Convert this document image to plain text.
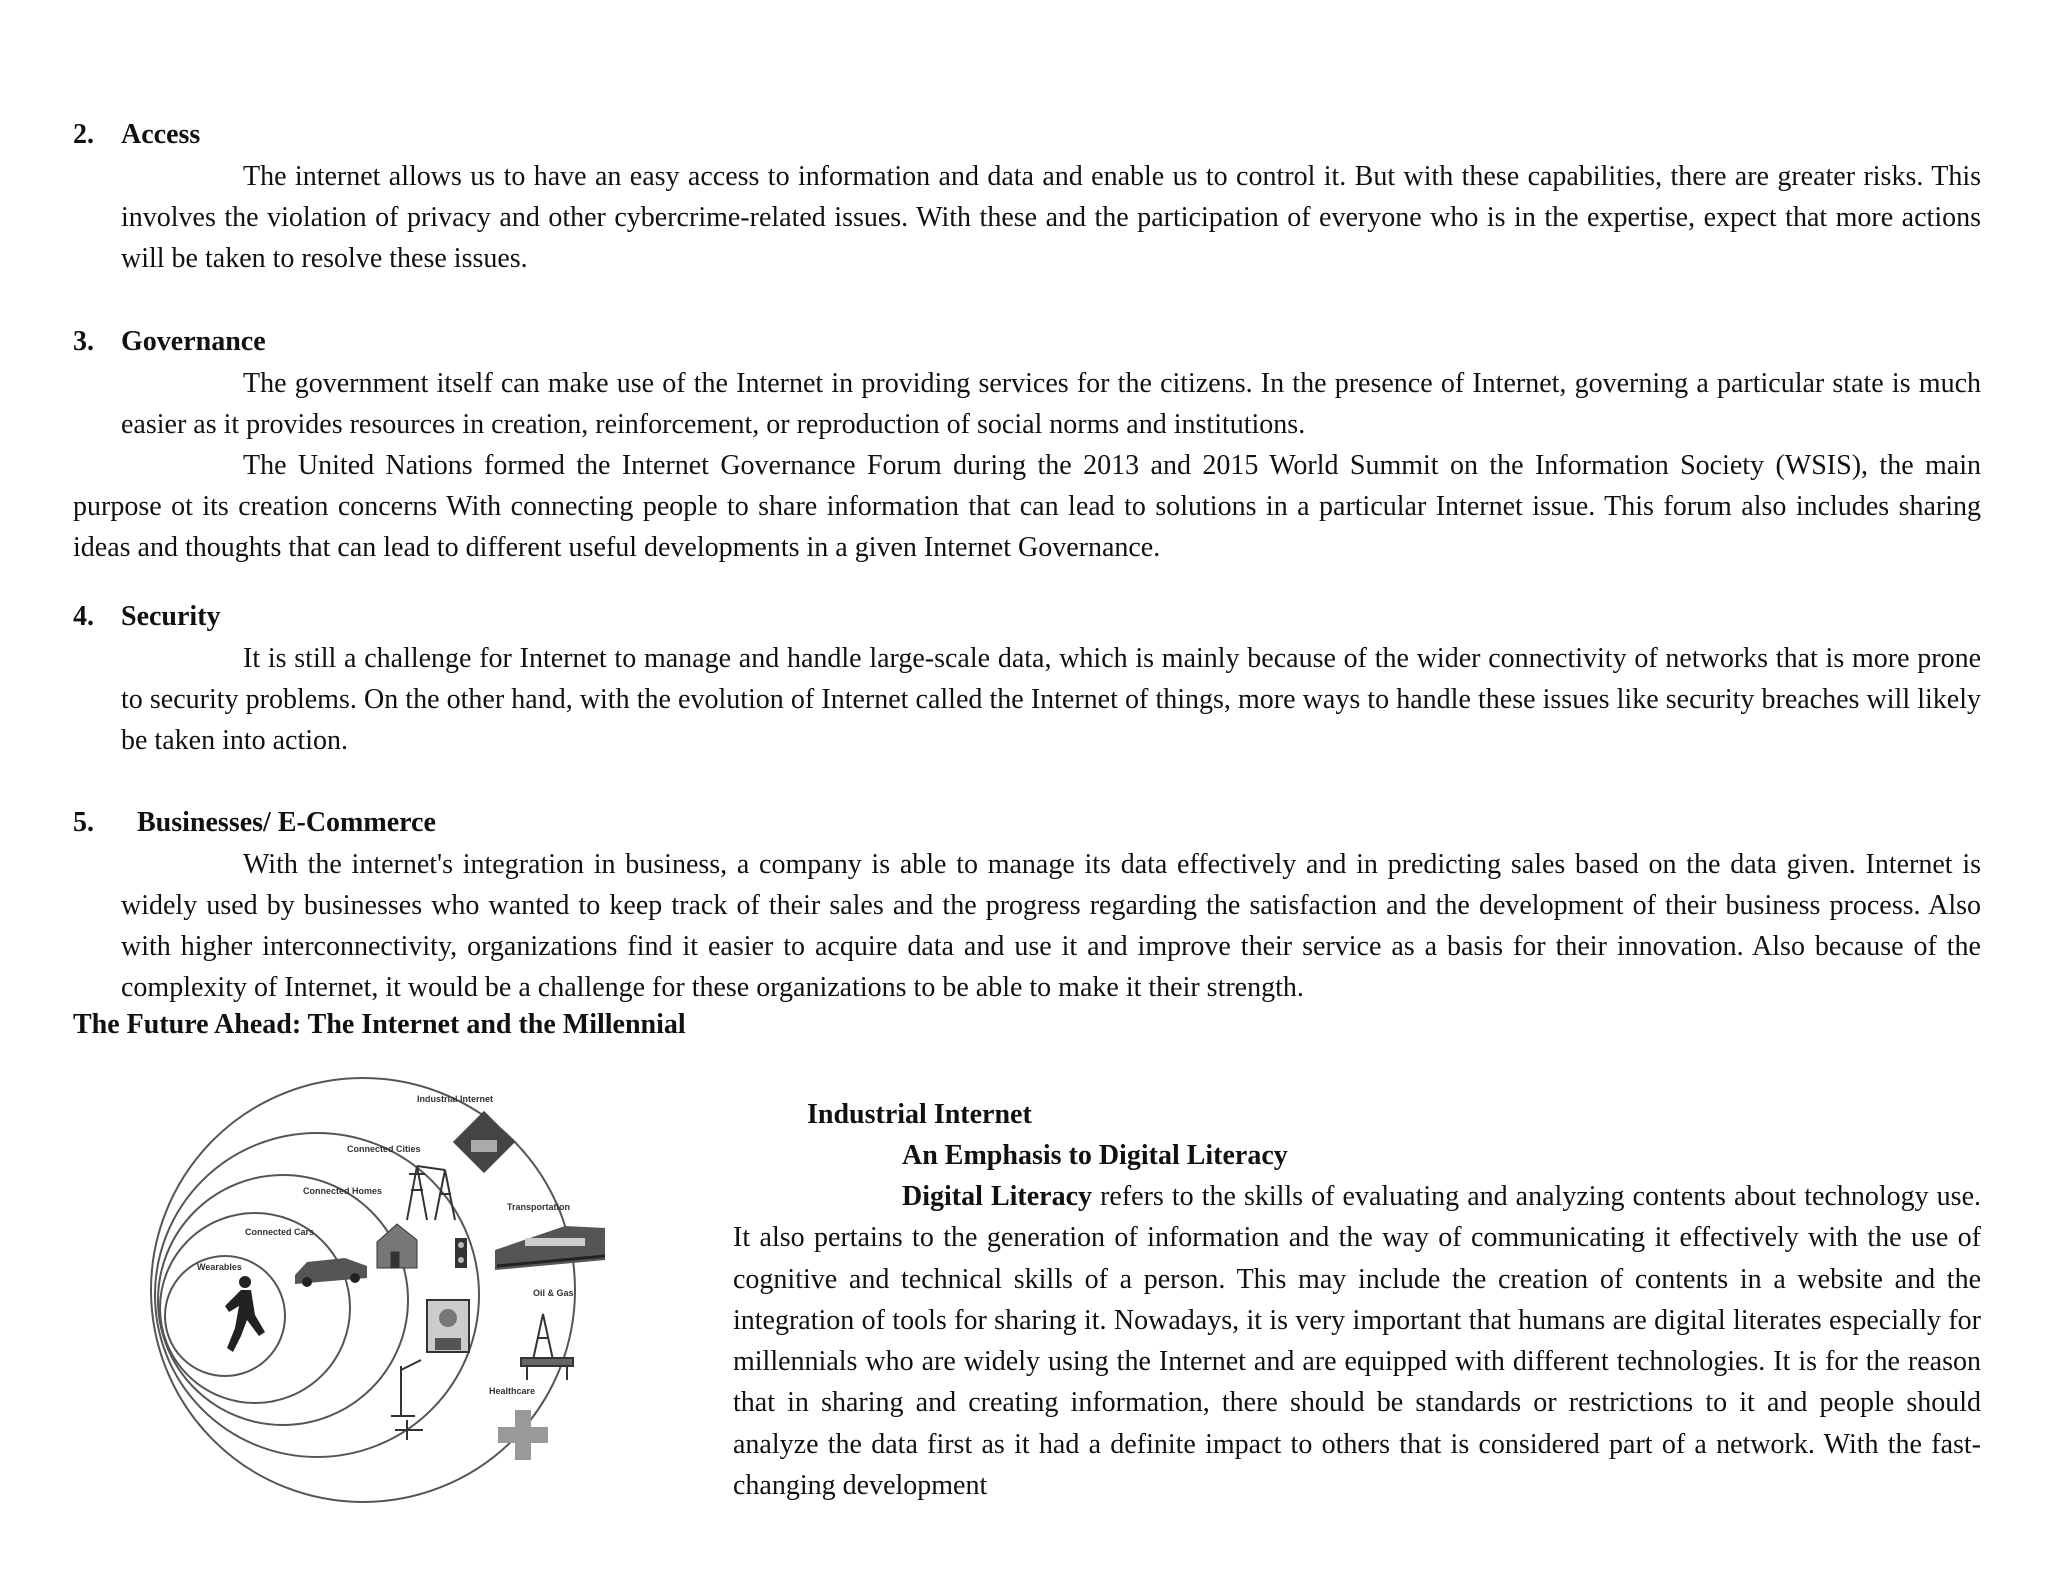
2. Access

The internet allows us to have an easy access to information and data and enable us to control it. But with these capabilities, there are greater risks. This involves the violation of privacy and other cybercrime-related issues. With these and the participation of everyone who is in the expertise, expect that more actions will be taken to resolve these issues.

3. Governance

The government itself can make use of the Internet in providing services for the citizens. In the presence of Internet, governing a particular state is much easier as it provides resources in creation, reinforcement, or reproduction of social norms and institutions.

The United Nations formed the Internet Governance Forum during the 2013 and 2015 World Summit on the Information Society (WSIS), the main purpose ot its creation concerns With connecting people to share information that can lead to solutions in a particular Internet issue. This forum also includes sharing ideas and thoughts that can lead to different useful developments in a given Internet Governance.

4. Security

It is still a challenge for Internet to manage and handle large-scale data, which is mainly because of the wider connectivity of networks that is more prone to security problems. On the other hand, with the evolution of Internet called the Internet of things, more ways to handle these issues like security breaches will likely be taken into action.

5. Businesses/ E-Commerce

With the internet's integration in business, a company is able to manage its data effectively and in predicting sales based on the data given. Internet is widely used by businesses who wanted to keep track of their sales and the progress regarding the satisfaction and the development of their business process. Also with higher interconnectivity, organizations find it easier to acquire data and use it and improve their service as a basis for their innovation. Also because of the complexity of Internet, it would be a challenge for these organizations to be able to make it their strength.

The Future Ahead: The Internet and the Millennial
Industrial Internet
Connected Cities
Connected Homes
Connected Cars
Wearables
Transportation
Oil & Gas
Healthcare
Industrial Internet
An Emphasis to Digital Literacy

Digital Literacy refers to the skills of evaluating and analyzing contents about technology use. It also pertains to the generation of information and the way of communicating it effectively with the use of cognitive and technical skills of a person. This may include the creation of contents in a website and the integration of tools for sharing it. Nowadays, it is very important that humans are digital literates especially for millennials who are widely using the Internet and are equipped with different technologies. It is for the reason that in sharing and creating information, there should be standards or restrictions to it and people should analyze the data first as it had a definite impact to others that is considered part of a network. With the fast-changing development
